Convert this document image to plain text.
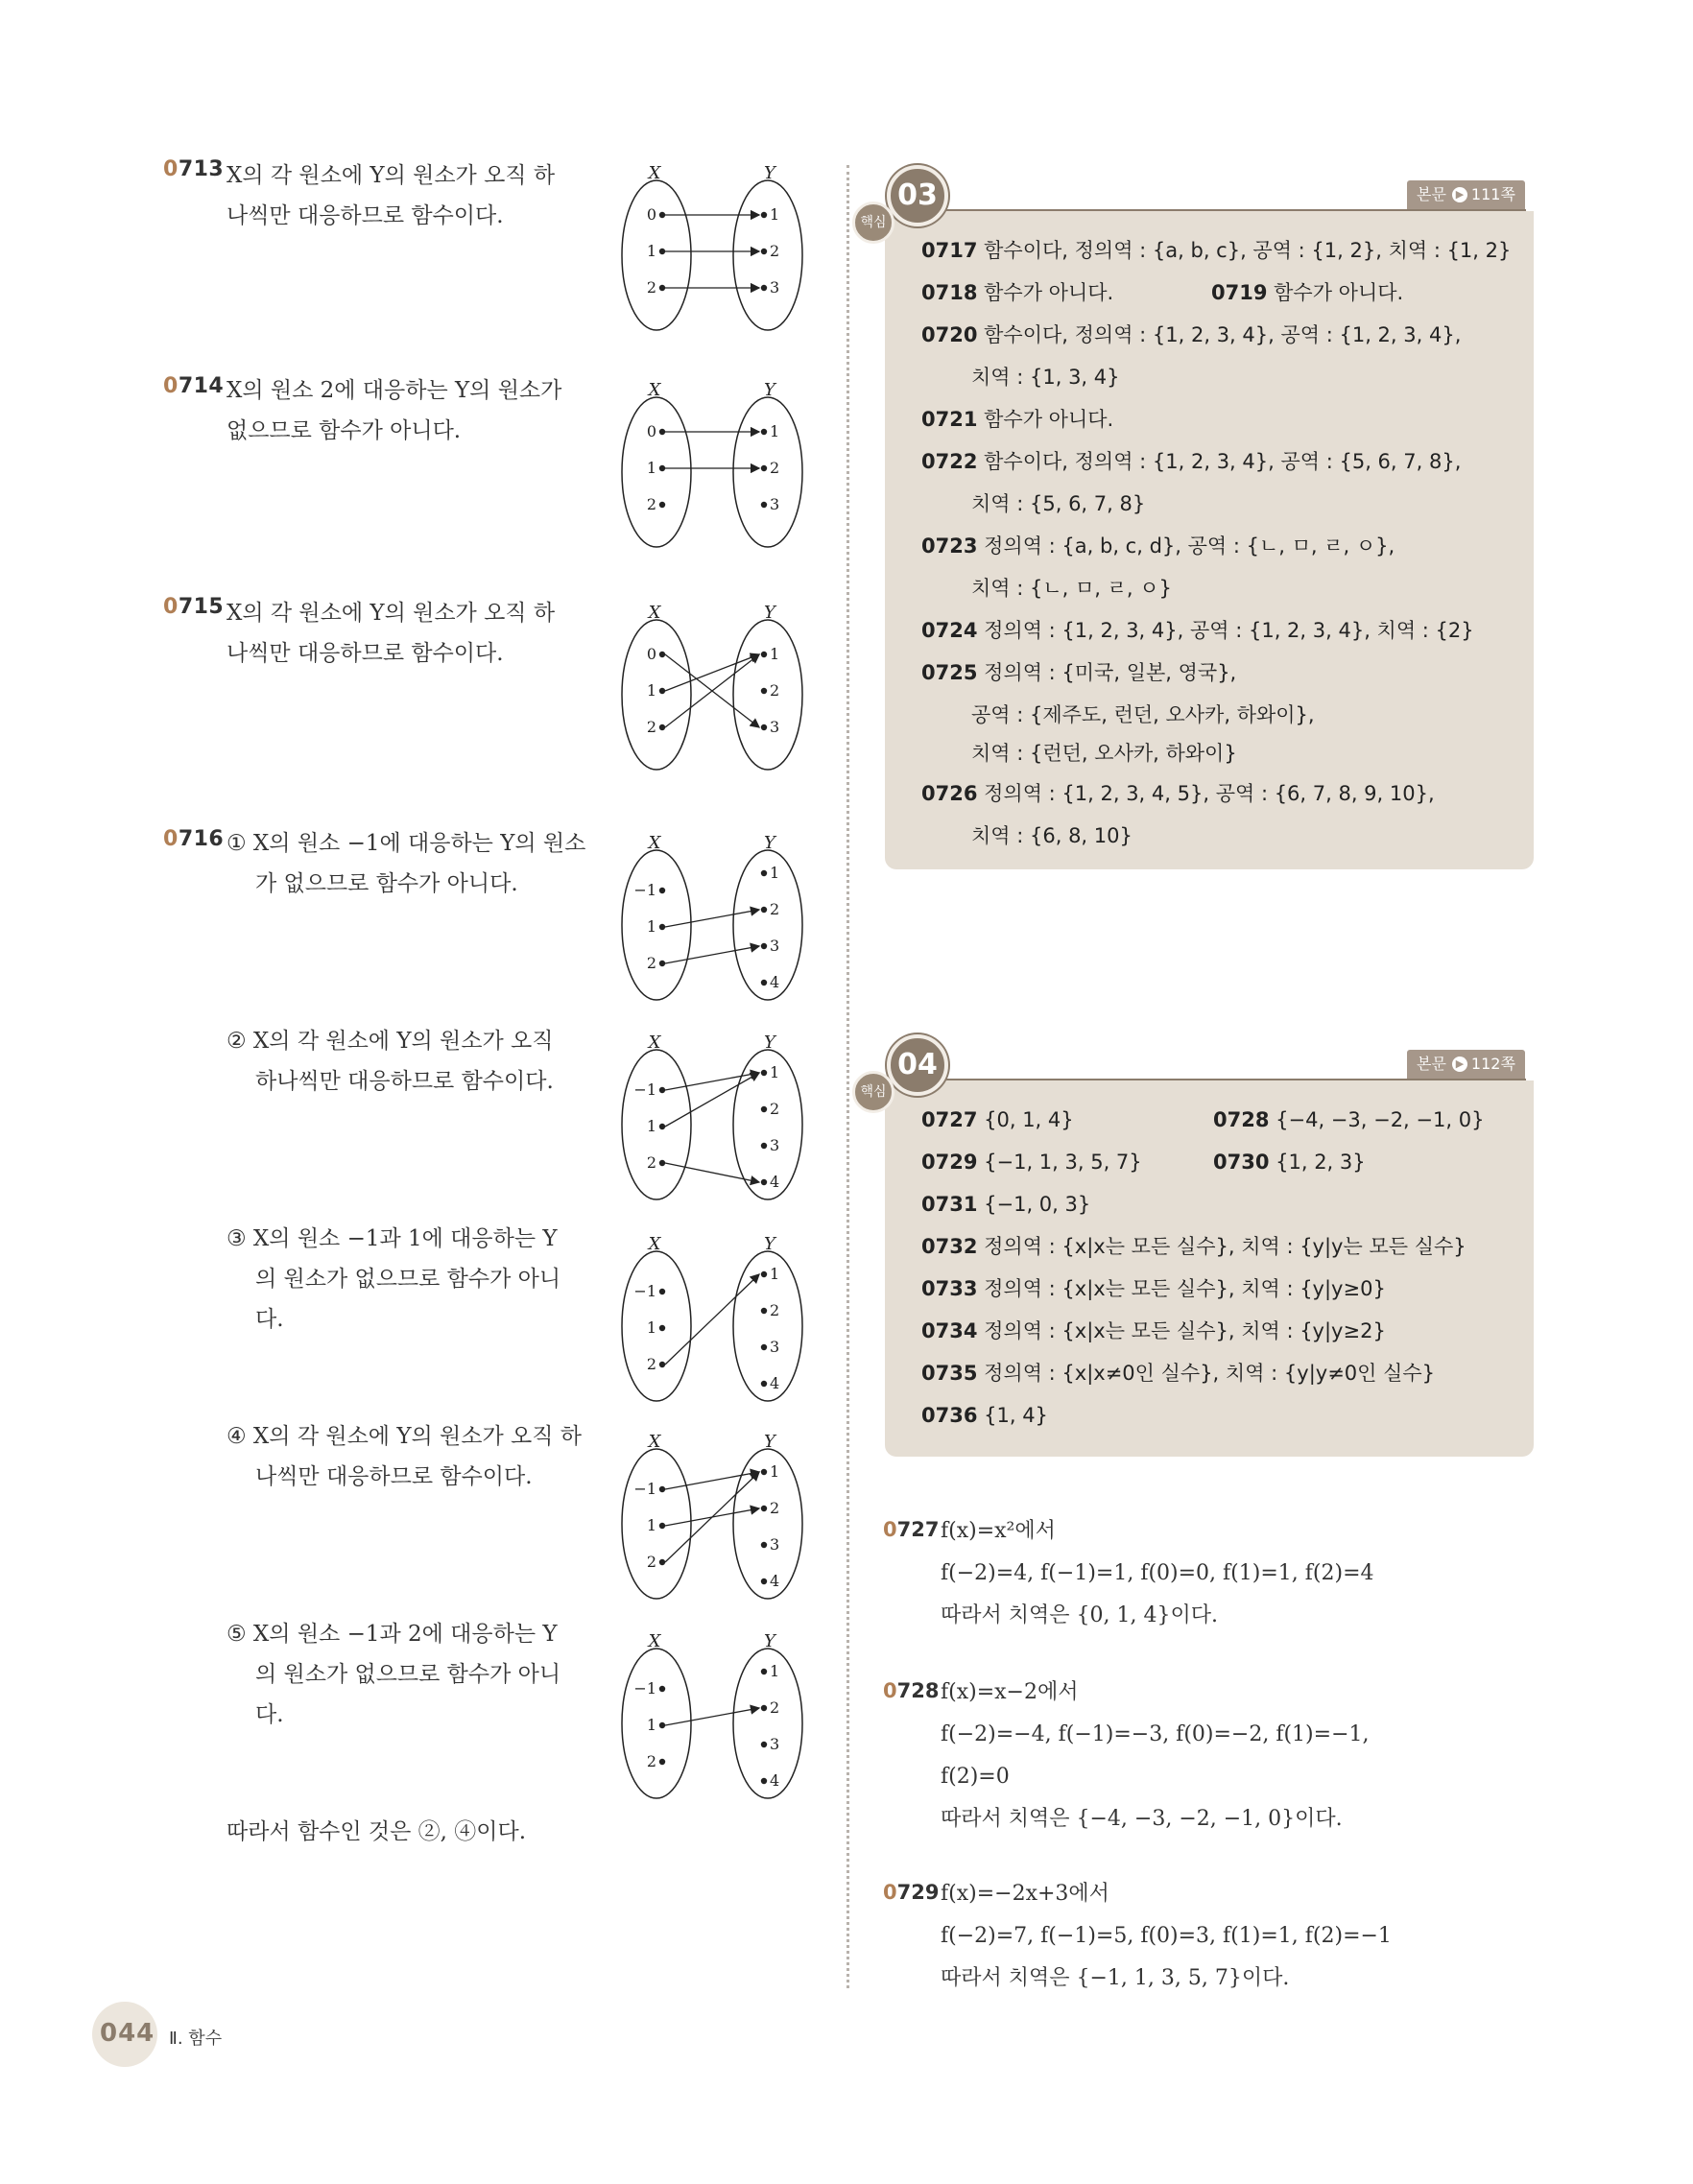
0713 X의 각 원소에 Y의 원소가 오직 하
나씩만 대응하므로 함수이다.
0714 X의 원소 2에 대응하는 Y의 원소가
없으므로 함수가 아니다.
0715 X의 각 원소에 Y의 원소가 오직 하
나씩만 대응하므로 함수이다.
0716 ① X의 원소 −1에 대응하는 Y의 원소
가 없으므로 함수가 아니다.
② X의 각 원소에 Y의 원소가 오직
하나씩만 대응하므로 함수이다.
③ X의 원소 −1과 1에 대응하는 Y
의 원소가 없으므로 함수가 아니
다.
④ X의 각 원소에 Y의 원소가 오직 하
나씩만 대응하므로 함수이다.
⑤ X의 원소 −1과 2에 대응하는 Y
의 원소가 없으므로 함수가 아니
다.
따라서 함수인 것은 ②, ④이다.
X	Y
0
1
2
1
2
3
X	Y
0
1
2
1
2
3
X	Y
0
1
2
1
2
3
X	Y
−1
1
2
1
2
3
4
X	Y
−1
1
2
1
2
3
4
X	Y
−1
1
2
1
2
3
4
X	Y
−1
1
2
1
2
3
4
X	Y
−1
1
2
1
2
3
4
03
핵심
본문 ▶ 111쪽
0717 함수이다, 정의역 : {a, b, c}, 공역 : {1, 2}, 치역 : {1, 2}
0718 함수가 아니다.	0719 함수가 아니다.
0720 함수이다, 정의역 : {1, 2, 3, 4}, 공역 : {1, 2, 3, 4},
치역 : {1, 3, 4}
0721 함수가 아니다.
0722 함수이다, 정의역 : {1, 2, 3, 4}, 공역 : {5, 6, 7, 8},
치역 : {5, 6, 7, 8}
0723 정의역 : {a, b, c, d}, 공역 : {ㄴ, ㅁ, ㄹ, ㅇ},
치역 : {ㄴ, ㅁ, ㄹ, ㅇ}
0724 정의역 : {1, 2, 3, 4}, 공역 : {1, 2, 3, 4}, 치역 : {2}
0725 정의역 : {미국, 일본, 영국},
공역 : {제주도, 런던, 오사카, 하와이},
치역 : {런던, 오사카, 하와이}
0726 정의역 : {1, 2, 3, 4, 5}, 공역 : {6, 7, 8, 9, 10},
치역 : {6, 8, 10}
04
핵심
본문 ▶ 112쪽
0727 {0, 1, 4}	0728 {−4, −3, −2, −1, 0}
0729 {−1, 1, 3, 5, 7}	0730 {1, 2, 3}
0731 {−1, 0, 3}
0732 정의역 : {x|x는 모든 실수}, 치역 : {y|y는 모든 실수}
0733 정의역 : {x|x는 모든 실수}, 치역 : {y|y≥0}
0734 정의역 : {x|x는 모든 실수}, 치역 : {y|y≥2}
0735 정의역 : {x|x≠0인 실수}, 치역 : {y|y≠0인 실수}
0736 {1, 4}
0727 f(x)=x²에서
f(−2)=4, f(−1)=1, f(0)=0, f(1)=1, f(2)=4
따라서 치역은 {0, 1, 4}이다.
0728 f(x)=x−2에서
f(−2)=−4, f(−1)=−3, f(0)=−2, f(1)=−1,
f(2)=0
따라서 치역은 {−4, −3, −2, −1, 0}이다.
0729 f(x)=−2x+3에서
f(−2)=7, f(−1)=5, f(0)=3, f(1)=1, f(2)=−1
따라서 치역은 {−1, 1, 3, 5, 7}이다.
044 Ⅱ. 함수
